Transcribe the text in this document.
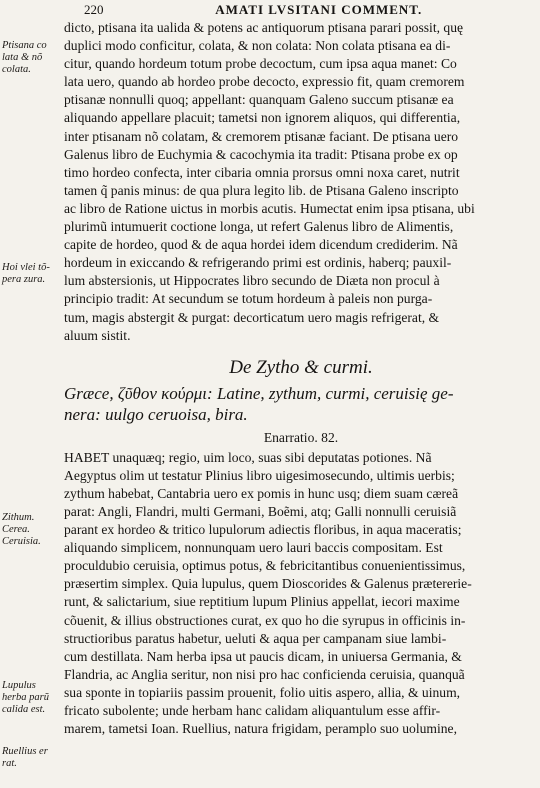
220	AMATI LVSITANI COMMENT.
Ptisana co
lata & nõ
colata.
Hoi vlei tõ-
pera zura.
Zithum.
Cerea.
Ceruisia.
Lupulus
herba parũ
calida est.
Ruellius er
rat.

dicto, ptisana ita ualida & potens ac antiquorum ptisana parari possit, quę

duplici modo conficitur, colata, & non colata: Non colata ptisana ea di-

citur, quando hordeum totum probe decoctum, cum ipsa aqua manet: Co

lata uero, quando ab hordeo probe decocto, expressio fit, quam cremorem

ptisanæ nonnulli quoq; appellant: quanquam Galeno succum ptisanæ ea

aliquando appellare placuit; tametsi non ignorem aliquos, qui differentia,

inter ptisanam nõ colatam, & cremorem ptisanæ faciant. De ptisana uero

Galenus libro de Euchymia & cacochymia ita tradit: Ptisana probe ex op

timo hordeo confecta, inter cibaria omnia prorsus omni noxa caret, nutrit

tamen q̃ panis minus: de qua plura legito lib. de Ptisana Galeno inscripto

ac libro de Ratione uictus in morbis acutis. Humectat enim ipsa ptisana, ubi

plurimũ intumuerit coctione longa, ut refert Galenus libro de Alimentis,

capite de hordeo, quod & de aqua hordei idem dicendum crediderim. Nã

hordeum in exiccando & refrigerando primi est ordinis, haberq; pauxil-

lum abstersionis, ut Hippocrates libro secundo de Diæta non procul à

principio tradit: At secundum se totum hordeum à paleis non purga-

tum, magis abstergit & purgat: decorticatum uero magis refrigerat, &

aluum sistit.

De Zytho & curmi.
Græce, ζῦθον κούρμι: Latine, zythum, curmi, ceruisię ge-
nera: uulgo ceruoisa, bira.
Enarratio. 82.

HABET unaquæq; regio, uim loco, suas sibi deputatas potiones. Nã

Aegyptus olim ut testatur Plinius libro uigesimosecundo, ultimis uerbis;

zythum habebat, Cantabria uero ex pomis in hunc usq; diem suam cæreã

parat: Angli, Flandri, multi Germani, Boẽmi, atq; Galli nonnulli ceruisiã

parant ex hordeo & tritico lupulorum adiectis floribus, in aqua maceratis;

aliquando simplicem, nonnunquam uero lauri baccis compositam. Est

proculdubio ceruisia, optimus potus, & febricitantibus conuenientissimus,

præsertim simplex. Quia lupulus, quem Dioscorides & Galenus prætererie-

runt, & salictarium, siue reptitium lupum Plinius appellat, iecori maxime

cõuenit, & illius obstructiones curat, ex quo ho die syrupus in officinis in-

structioribus paratus habetur, ueluti & aqua per campanam siue lambi-

cum destillata. Nam herba ipsa ut paucis dicam, in uniuersa Germania, &

Flandria, ac Anglia seritur, non nisi pro hac conficienda ceruisia, quanquã

sua sponte in topiariis passim prouenit, folio uitis aspero, allia, & uinum,

fricato subolente; unde herbam hanc calidam aliquantulum esse affir-

marem, tametsi Ioan. Ruellius, natura frigidam, peramplo suo uolumine,
